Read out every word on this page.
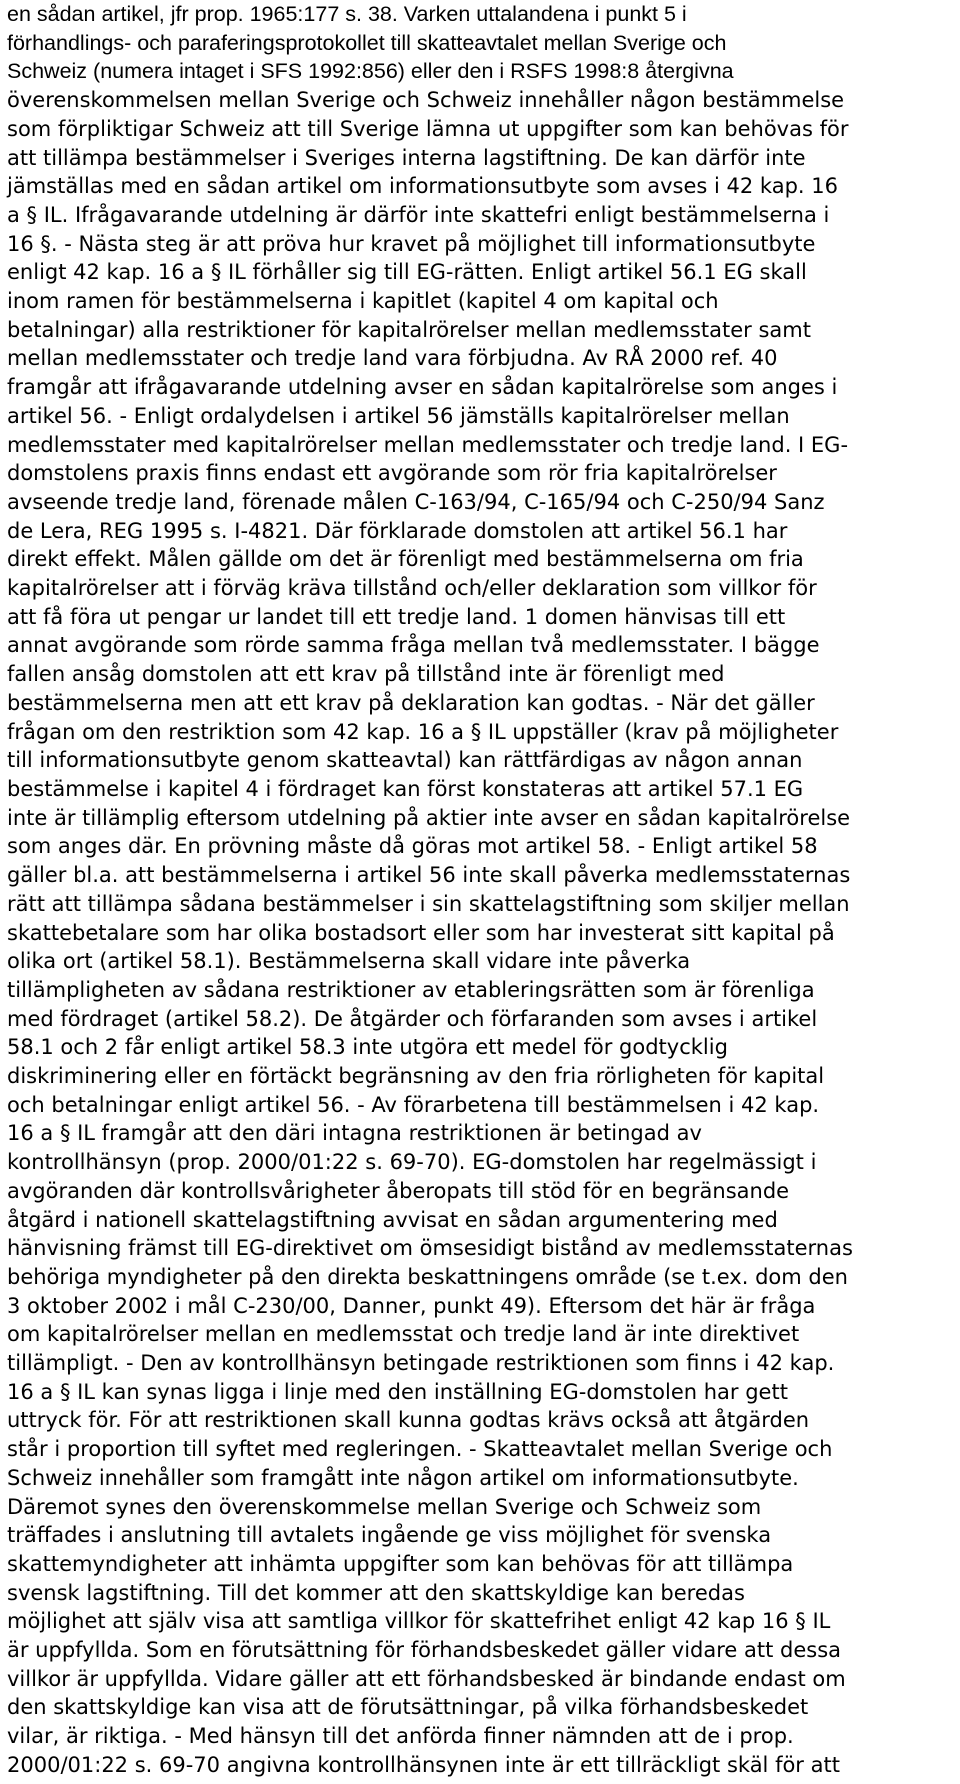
en sådan artikel, jfr prop. 1965:177 s. 38. Varken uttalandena i punkt 5 i
förhandlings- och paraferingsprotokollet till skatteavtalet mellan Sverige och
Schweiz (numera intaget i SFS 1992:856) eller den i RSFS 1998:8 återgivna
överenskommelsen mellan Sverige och Schweiz innehåller någon bestämmelse
som förpliktigar Schweiz att till Sverige lämna ut uppgifter som kan behövas för
att tillämpa bestämmelser i Sveriges interna lagstiftning. De kan därför inte
jämställas med en sådan artikel om informationsutbyte som avses i 42 kap. 16
a § IL. Ifrågavarande utdelning är därför inte skattefri enligt bestämmelserna i
16 §. - Nästa steg är att pröva hur kravet på möjlighet till informationsutbyte
enligt 42 kap. 16 a § IL förhåller sig till EG-rätten. Enligt artikel 56.1 EG skall
inom ramen för bestämmelserna i kapitlet (kapitel 4 om kapital och
betalningar) alla restriktioner för kapitalrörelser mellan medlemsstater samt
mellan medlemsstater och tredje land vara förbjudna. Av RÅ 2000 ref. 40
framgår att ifrågavarande utdelning avser en sådan kapitalrörelse som anges i
artikel 56. - Enligt ordalydelsen i artikel 56 jämställs kapitalrörelser mellan
medlemsstater med kapitalrörelser mellan medlemsstater och tredje land. I EG-
domstolens praxis finns endast ett avgörande som rör fria kapitalrörelser
avseende tredje land, förenade målen C-163/94, C-165/94 och C-250/94 Sanz
de Lera, REG 1995 s. I-4821. Där förklarade domstolen att artikel 56.1 har
direkt effekt. Målen gällde om det är förenligt med bestämmelserna om fria
kapitalrörelser att i förväg kräva tillstånd och/eller deklaration som villkor för
att få föra ut pengar ur landet till ett tredje land. 1 domen hänvisas till ett
annat avgörande som rörde samma fråga mellan två medlemsstater. I bägge
fallen ansåg domstolen att ett krav på tillstånd inte är förenligt med
bestämmelserna men att ett krav på deklaration kan godtas. - När det gäller
frågan om den restriktion som 42 kap. 16 a § IL uppställer (krav på möjligheter
till informationsutbyte genom skatteavtal) kan rättfärdigas av någon annan
bestämmelse i kapitel 4 i fördraget kan först konstateras att artikel 57.1 EG
inte är tillämplig eftersom utdelning på aktier inte avser en sådan kapitalrörelse
som anges där. En prövning måste då göras mot artikel 58. - Enligt artikel 58
gäller bl.a. att bestämmelserna i artikel 56 inte skall påverka medlemsstaternas
rätt att tillämpa sådana bestämmelser i sin skattelagstiftning som skiljer mellan
skattebetalare som har olika bostadsort eller som har investerat sitt kapital på
olika ort (artikel 58.1). Bestämmelserna skall vidare inte påverka
tillämpligheten av sådana restriktioner av etableringsrätten som är förenliga
med fördraget (artikel 58.2). De åtgärder och förfaranden som avses i artikel
58.1 och 2 får enligt artikel 58.3 inte utgöra ett medel för godtycklig
diskriminering eller en förtäckt begränsning av den fria rörligheten för kapital
och betalningar enligt artikel 56. - Av förarbetena till bestämmelsen i 42 kap.
16 a § IL framgår att den däri intagna restriktionen är betingad av
kontrollhänsyn (prop. 2000/01:22 s. 69-70). EG-domstolen har regelmässigt i
avgöranden där kontrollsvårigheter åberopats till stöd för en begränsande
åtgärd i nationell skattelagstiftning avvisat en sådan argumentering med
hänvisning främst till EG-direktivet om ömsesidigt bistånd av medlemsstaternas
behöriga myndigheter på den direkta beskattningens område (se t.ex. dom den
3 oktober 2002 i mål C-230/00, Danner, punkt 49). Eftersom det här är fråga
om kapitalrörelser mellan en medlemsstat och tredje land är inte direktivet
tillämpligt. - Den av kontrollhänsyn betingade restriktionen som finns i 42 kap.
16 a § IL kan synas ligga i linje med den inställning EG-domstolen har gett
uttryck för. För att restriktionen skall kunna godtas krävs också att åtgärden
står i proportion till syftet med regleringen. - Skatteavtalet mellan Sverige och
Schweiz innehåller som framgått inte någon artikel om informationsutbyte.
Däremot synes den överenskommelse mellan Sverige och Schweiz som
träffades i anslutning till avtalets ingående ge viss möjlighet för svenska
skattemyndigheter att inhämta uppgifter som kan behövas för att tillämpa
svensk lagstiftning. Till det kommer att den skattskyldige kan beredas
möjlighet att själv visa att samtliga villkor för skattefrihet enligt 42 kap 16 § IL
är uppfyllda. Som en förutsättning för förhandsbeskedet gäller vidare att dessa
villkor är uppfyllda. Vidare gäller att ett förhandsbesked är bindande endast om
den skattskyldige kan visa att de förutsättningar, på vilka förhandsbeskedet
vilar, är riktiga. - Med hänsyn till det anförda finner nämnden att de i prop.
2000/01:22 s. 69-70 angivna kontrollhänsynen inte är ett tillräckligt skäl för att
